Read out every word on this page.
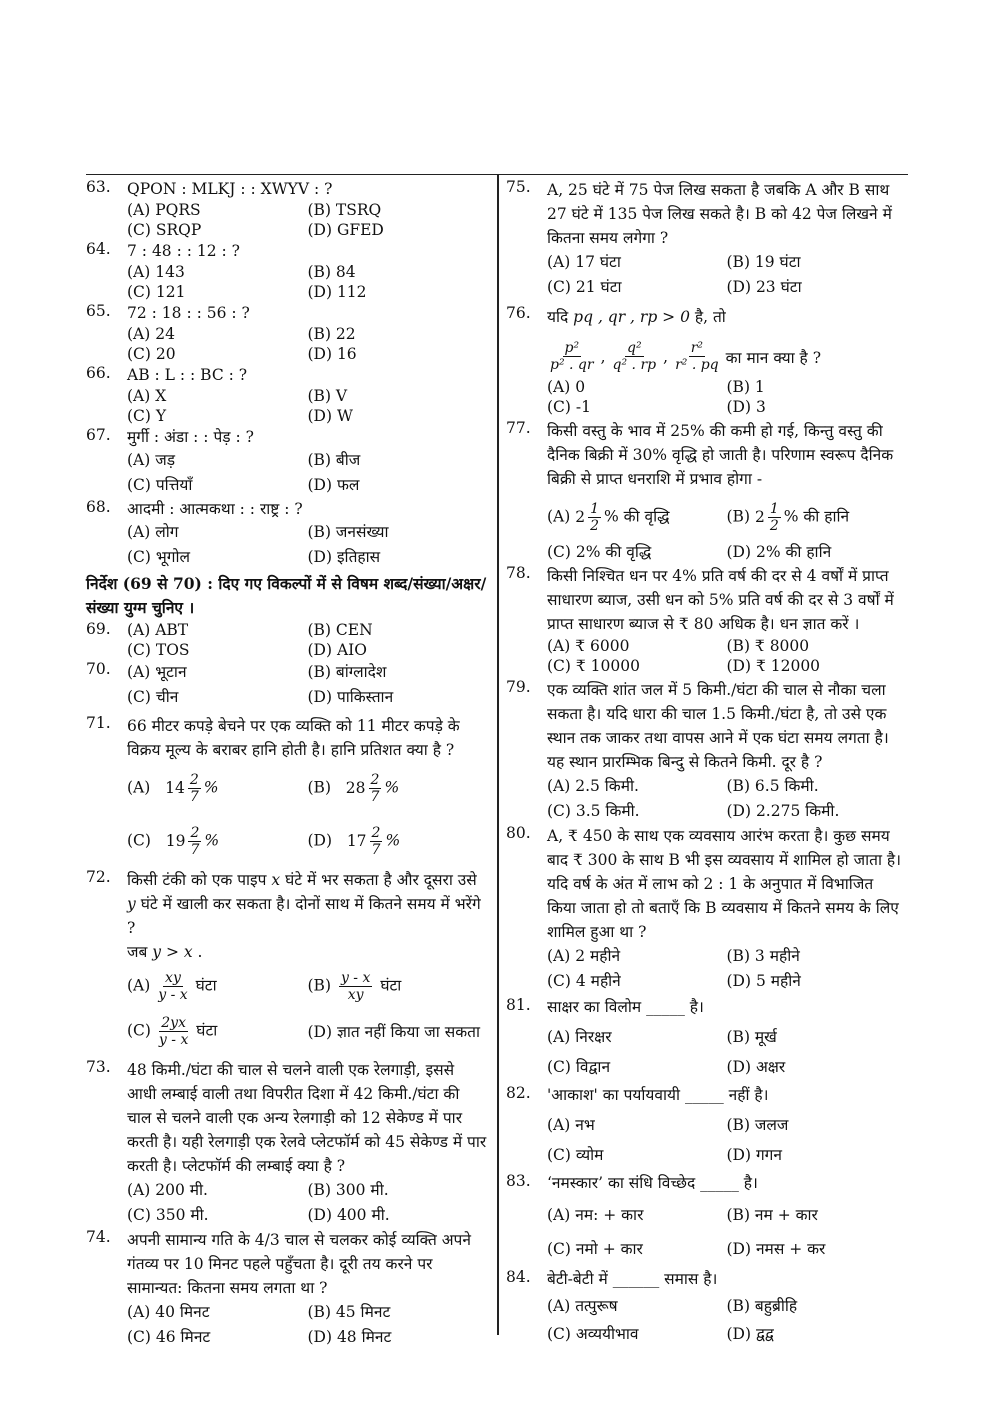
63.	QPON : MLKJ : : XWYV : ?
(A) PQRS	(B) TSRQ
(C) SRQP	(D) GFED
64.	7 : 48 : : 12 : ?
(A) 143	(B) 84
(C) 121	(D) 112
65.	72 : 18 : : 56 : ?
(A) 24	(B) 22
(C) 20	(D) 16
66.	AB : L : : BC : ?
(A) X	(B) V
(C) Y	(D) W
67.	मुर्गी : अंडा : : पेड़ : ?
(A) जड़	(B) बीज
(C) पत्तियाँ	(D) फल
68.	आदमी : आत्मकथा : : राष्ट्र : ?
(A) लोग	(B) जनसंख्या
(C) भूगोल	(D) इतिहास
निर्देश (69 से 70) : दिए गए विकल्पों में से विषम शब्द/संख्या/अक्षर/संख्या युग्म चुनिए ।
69.	(A) ABT	(B) CEN
(C) TOS	(D) AIO
70.	(A) भूटान	(B) बांग्लादेश
(C) चीन	(D) पाकिस्तान
71.	66 मीटर कपड़े बेचने पर एक व्यक्ति को 11 मीटर कपड़े के विक्रय मूल्य के बराबर हानि होती है। हानि प्रतिशत क्या है ?
(A) $14 \frac{2}{7}$ %	(B) $28 \frac{2}{7}$ %
(C) $19 \frac{2}{7}$ %	(D) $17 \frac{2}{7}$ %
72.	किसी टंकी को एक पाइप x घंटे में भर सकता है और दूसरा उसे y घंटे में खाली कर सकता है। दोनों साथ में कितने समय में भरेंगे ?
जब y > x .
$(A) \frac{xy}{y - x}$ घंटा	$(B) \frac{y - x}{xy}$ घंटा
$(C) \frac{2yx}{y - x}$ घंटा	(D) ज्ञात नहीं किया जा सकता
73.	48 किमी./घंटा की चाल से चलने वाली एक रेलगाड़ी, इससे आधी लम्बाई वाली तथा विपरीत दिशा में 42 किमी./घंटा की चाल से चलने वाली एक अन्य रेलगाड़ी को 12 सेकेण्ड में पार करती है। यही रेलगाड़ी एक रेलवे प्लेटफॉर्म को 45 सेकेण्ड में पार करती है। प्लेटफॉर्म की लम्बाई क्या है ?
(A) 200 मी.	(B) 300 मी.
(C) 350 मी.	(D) 400 मी.
74.	अपनी सामान्य गति के 4/3 चाल से चलकर कोई व्यक्ति अपने गंतव्य पर 10 मिनट पहले पहुँचता है। दूरी तय करने पर सामान्यत: कितना समय लगता था ?
(A) 40 मिनट	(B) 45 मिनट
(C) 46 मिनट	(D) 48 मिनट
75.	A, 25 घंटे में 75 पेज लिख सकता है जबकि A और B साथ 27 घंटे में 135 पेज लिख सकते है। B को 42 पेज लिखने में कितना समय लगेगा ?
(A) 17 घंटा	(B) 19 घंटा
(C) 21 घंटा	(D) 23 घंटा
76.	यदि pq , qr , rp > 0 है, तो
$\frac{\text{p²}}{\text{p² . qr}}$ , $\frac{\text{q²}}{\text{q² . rp}}$ , $\frac{\text{r²}}{\text{r² . pq}}$ का मान क्या है ?
(A) 0	(B) 1
(C) -1	(D) 3
77.	किसी वस्तु के भाव में 25% की कमी हो गई, किन्तु वस्तु की दैनिक बिक्री में 30% वृद्धि हो जाती है। परिणाम स्वरूप दैनिक बिक्री से प्राप्त धनराशि में प्रभाव होगा -
(A) $2 \frac{1}{2}$ % की वृद्धि	(B) $2 \frac{1}{2}$ % की हानि
(C) 2% की वृद्धि	(D) 2% की हानि
78.	किसी निश्चित धन पर 4% प्रति वर्ष की दर से 4 वर्षों में प्राप्त साधारण ब्याज, उसी धन को 5% प्रति वर्ष की दर से 3 वर्षों में प्राप्त साधारण ब्याज से ₹ 80 अधिक है। धन ज्ञात करें ।
(A) ₹ 6000	(B) ₹ 8000
(C) ₹ 10000	(D) ₹ 12000
79.	एक व्यक्ति शांत जल में 5 किमी./घंटा की चाल से नौका चला सकता है। यदि धारा की चाल 1.5 किमी./घंटा है, तो उसे एक स्थान तक जाकर तथा वापस आने में एक घंटा समय लगता है। यह स्थान प्रारम्भिक बिन्दु से कितने किमी. दूर है ?
(A) 2.5 किमी.	(B) 6.5 किमी.
(C) 3.5 किमी.	(D) 2.275 किमी.
80.	A, ₹ 450 के साथ एक व्यवसाय आरंभ करता है। कुछ समय बाद ₹ 300 के साथ B भी इस व्यवसाय में शामिल हो जाता है। यदि वर्ष के अंत में लाभ को 2 : 1 के अनुपात में विभाजित किया जाता हो तो बताएँ कि B व्यवसाय में कितने समय के लिए शामिल हुआ था ?
(A) 2 महीने	(B) 3 महीने
(C) 4 महीने	(D) 5 महीने
81.	साक्षर का विलोम _____ है।
(A) निरक्षर	(B) मूर्ख
(C) विद्वान	(D) अक्षर
82.	'आकाश' का पर्यायवायी _____ नहीं है।
(A) नभ	(B) जलज
(C) व्योम	(D) गगन
83.	‘नमस्कार’ का संधि विच्छेद _____ है।
(A) नम: + कार	(B) नम + कार
(C) नमो + कार	(D) नमस + कर
84.	बेटी-बेटी में ______ समास है।
(A) तत्पुरूष	(B) बहुब्रीहि
(C) अव्ययीभाव	(D) द्वद्व
